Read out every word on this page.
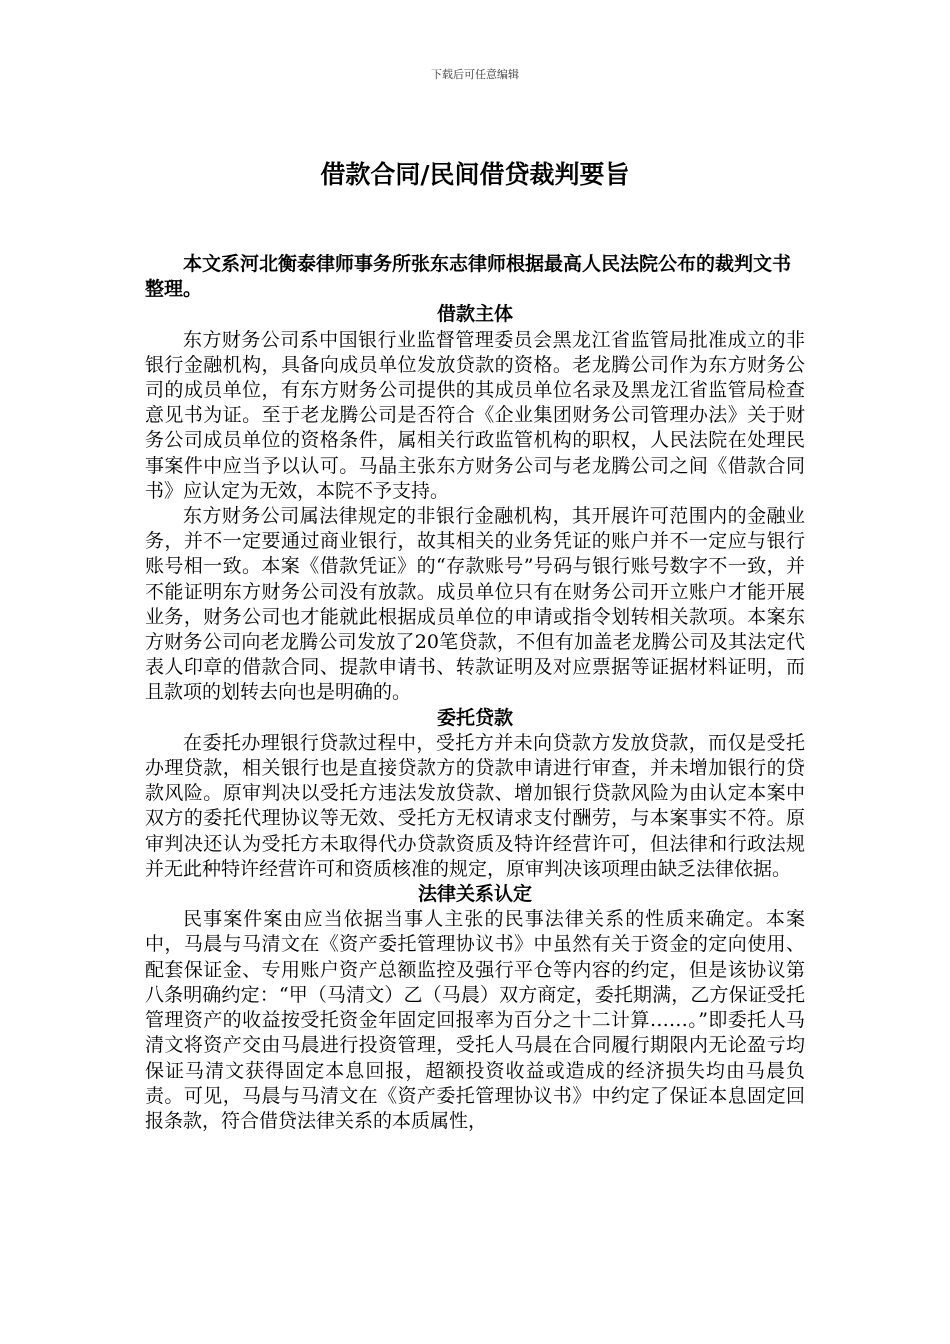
下载后可任意编辑
借款合同/民间借贷裁判要旨

本文系河北衡泰律师事务所张东志律师根据最高人民法院公布的裁判文书整理。

借款主体

东方财务公司系中国银行业监督管理委员会黑龙江省监管局批准成立的非银行金融机构，具备向成员单位发放贷款的资格。老龙腾公司作为东方财务公司的成员单位，有东方财务公司提供的其成员单位名录及黑龙江省监管局检查意见书为证。至于老龙腾公司是否符合《企业集团财务公司管理办法》关于财务公司成员单位的资格条件，属相关行政监管机构的职权，人民法院在处理民事案件中应当予以认可。马晶主张东方财务公司与老龙腾公司之间《借款合同书》应认定为无效，本院不予支持。

东方财务公司属法律规定的非银行金融机构，其开展许可范围内的金融业务，并不一定要通过商业银行，故其相关的业务凭证的账户并不一定应与银行账号相一致。本案《借款凭证》的“存款账号”号码与银行账号数字不一致，并不能证明东方财务公司没有放款。成员单位只有在财务公司开立账户才能开展业务，财务公司也才能就此根据成员单位的申请或指令划转相关款项。本案东方财务公司向老龙腾公司发放了20笔贷款，不但有加盖老龙腾公司及其法定代表人印章的借款合同、提款申请书、转款证明及对应票据等证据材料证明，而且款项的划转去向也是明确的。

委托贷款

在委托办理银行贷款过程中，受托方并未向贷款方发放贷款，而仅是受托办理贷款，相关银行也是直接贷款方的贷款申请进行审查，并未增加银行的贷款风险。原审判决以受托方违法发放贷款、增加银行贷款风险为由认定本案中双方的委托代理协议等无效、受托方无权请求支付酬劳，与本案事实不符。原审判决还认为受托方未取得代办贷款资质及特许经营许可，但法律和行政法规并无此种特许经营许可和资质核准的规定，原审判决该项理由缺乏法律依据。

法律关系认定

民事案件案由应当依据当事人主张的民事法律关系的性质来确定。本案中，马晨与马清文在《资产委托管理协议书》中虽然有关于资金的定向使用、配套保证金、专用账户资产总额监控及强行平仓等内容的约定，但是该协议第八条明确约定：“甲（马清文）乙（马晨）双方商定，委托期满，乙方保证受托管理资产的收益按受托资金年固定回报率为百分之十二计算……。”即委托人马清文将资产交由马晨进行投资管理，受托人马晨在合同履行期限内无论盈亏均保证马清文获得固定本息回报，超额投资收益或造成的经济损失均由马晨负责。可见，马晨与马清文在《资产委托管理协议书》中约定了保证本息固定回报条款，符合借贷法律关系的本质属性，
